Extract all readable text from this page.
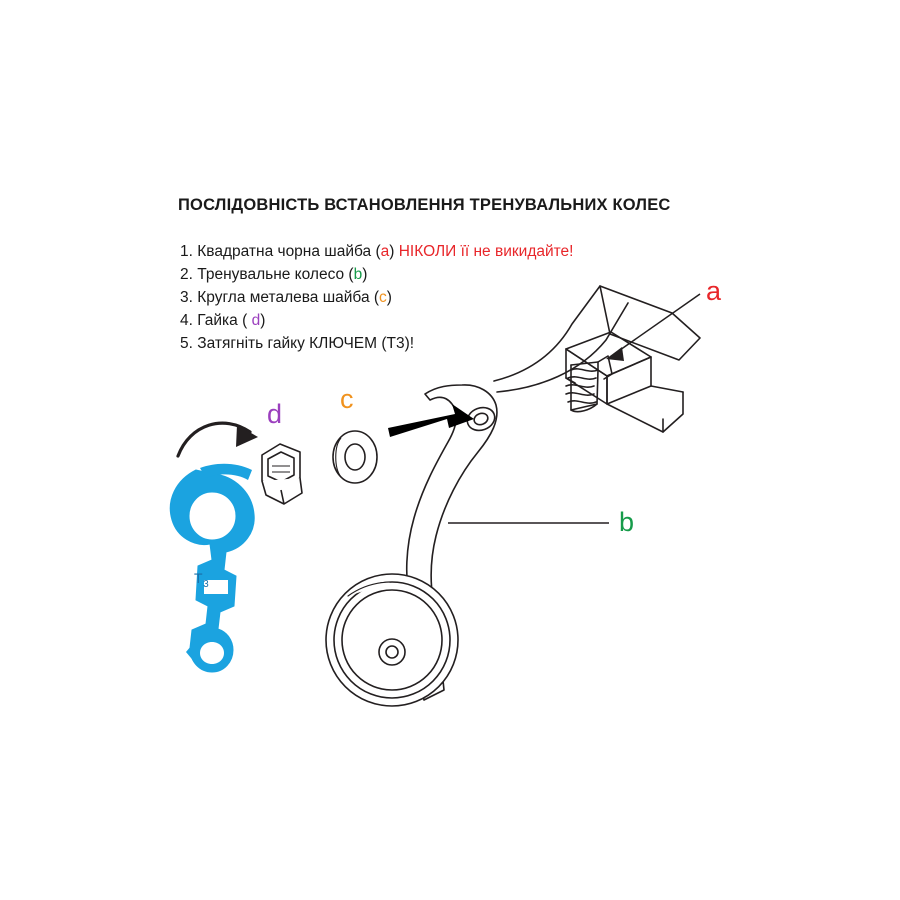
ПОСЛІДОВНІСТЬ ВСТАНОВЛЕННЯ ТРЕНУВАЛЬНИХ КОЛЕС
1. Квадратна чорна шайба (a) НІКОЛИ її не викидайте!
2. Тренувальне колесо (b)
3. Кругла металева шайба (c)
4. Гайка ( d)
5. Затягніть гайку КЛЮЧЕМ (T3)!
a
b
c
d
$T_3$
